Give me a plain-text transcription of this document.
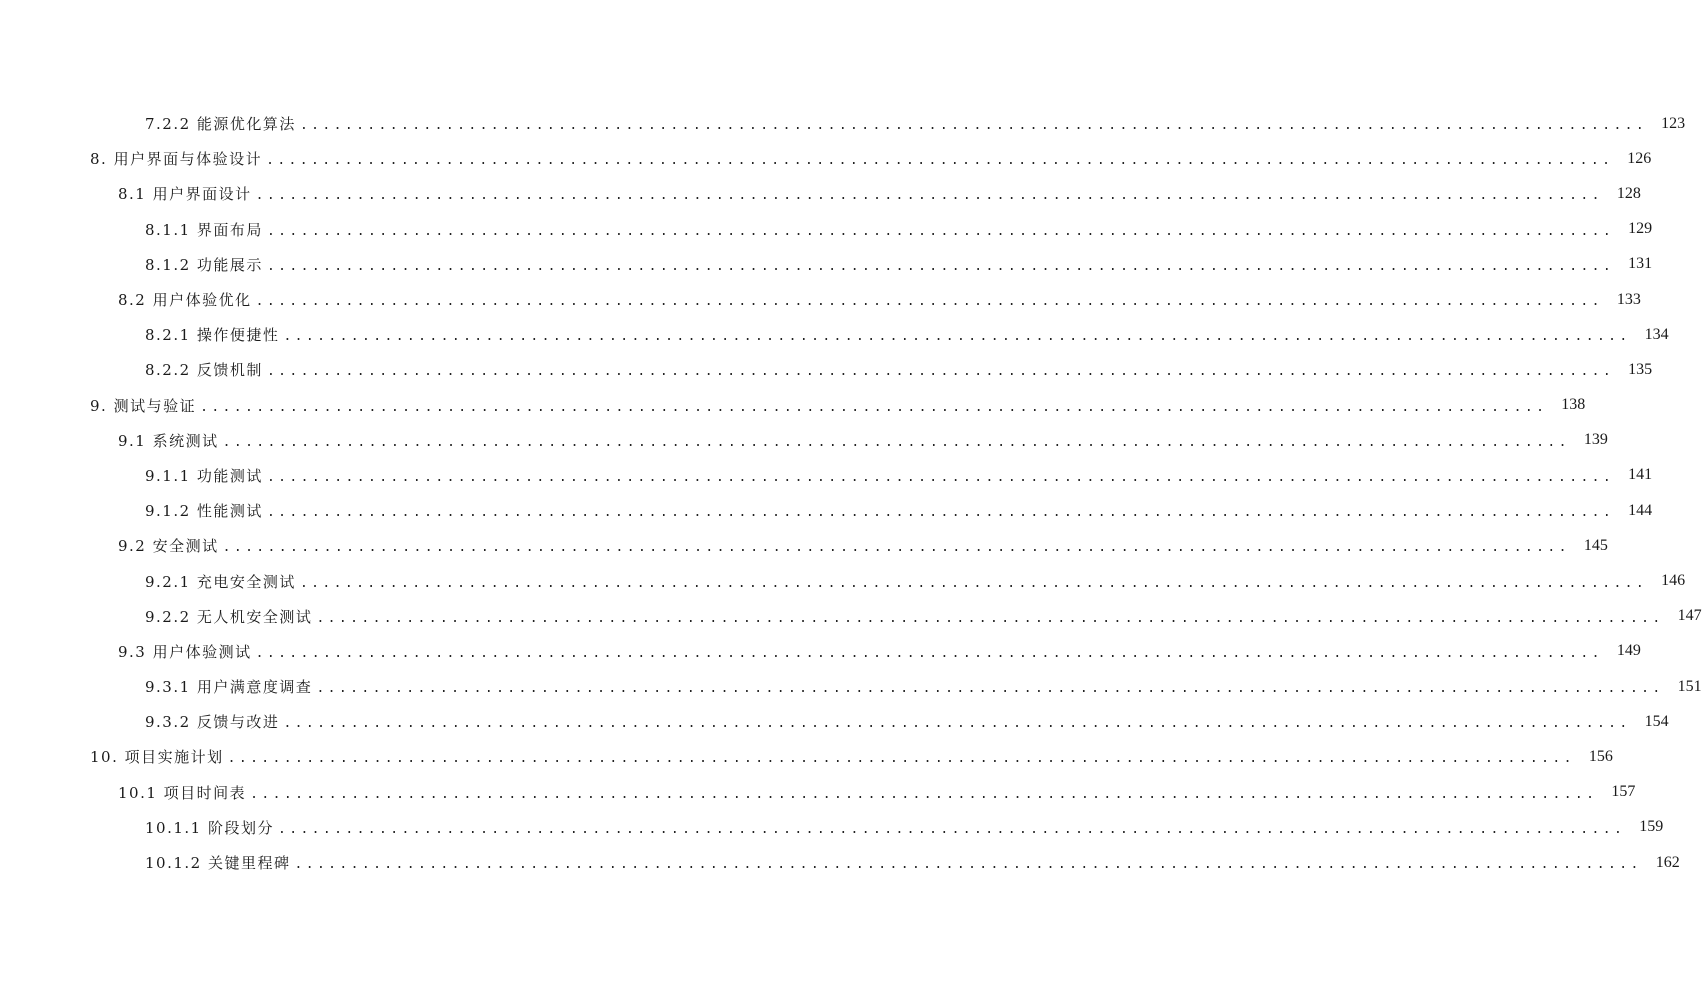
7.2.2 能源优化算法 ........................................................................................................................ 123
8. 用户界面与体验设计 ........................................................................................................................ 126
8.1 用户界面设计 ........................................................................................................................ 128
8.1.1 界面布局 ........................................................................................................................ 129
8.1.2 功能展示 ........................................................................................................................ 131
8.2 用户体验优化 ........................................................................................................................ 133
8.2.1 操作便捷性 ........................................................................................................................ 134
8.2.2 反馈机制 ........................................................................................................................ 135
9. 测试与验证 ........................................................................................................................ 138
9.1 系统测试 ........................................................................................................................ 139
9.1.1 功能测试 ........................................................................................................................ 141
9.1.2 性能测试 ........................................................................................................................ 144
9.2 安全测试 ........................................................................................................................ 145
9.2.1 充电安全测试 ........................................................................................................................ 146
9.2.2 无人机安全测试 ........................................................................................................................ 147
9.3 用户体验测试 ........................................................................................................................ 149
9.3.1 用户满意度调查 ........................................................................................................................ 151
9.3.2 反馈与改进 ........................................................................................................................ 154
10. 项目实施计划 ........................................................................................................................ 156
10.1 项目时间表 ........................................................................................................................ 157
10.1.1 阶段划分 ........................................................................................................................ 159
10.1.2 关键里程碑 ........................................................................................................................ 162
